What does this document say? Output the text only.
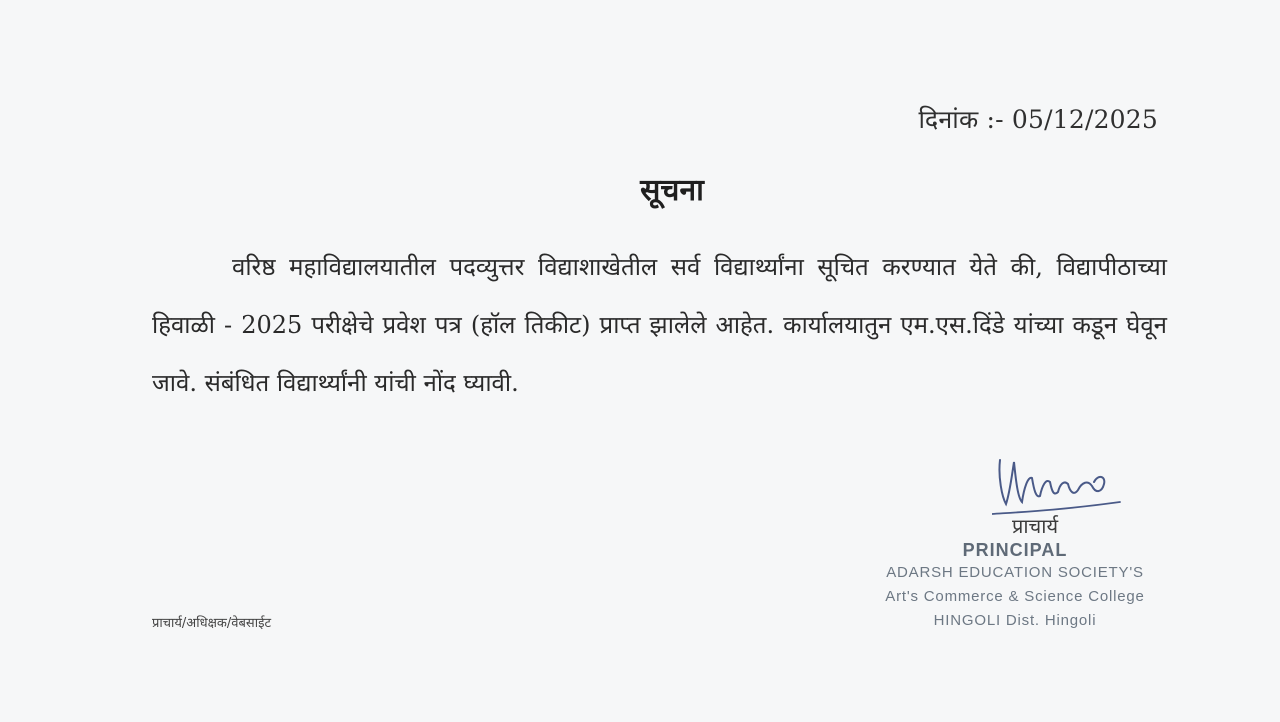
दिनांक :- 05/12/2025
सूचना

वरिष्ठ महाविद्यालयातील पदव्युत्तर विद्याशाखेतील सर्व विद्यार्थ्यांना सूचित करण्यात येते की, विद्यापीठाच्या हिवाळी - 2025 परीक्षेचे प्रवेश पत्र (हॉल तिकीट) प्राप्त झालेले आहेत. कार्यालयातुन एम.एस.दिंडे यांच्या कडून घेवून जावे. संबंधित विद्यार्थ्यांनी यांची नोंद घ्यावी.

प्राचार्य
PRINCIPAL
ADARSH EDUCATION SOCIETY'S
Art's Commerce & Science College
HINGOLI Dist. Hingoli
प्राचार्य/अधिक्षक/वेबसाईट
